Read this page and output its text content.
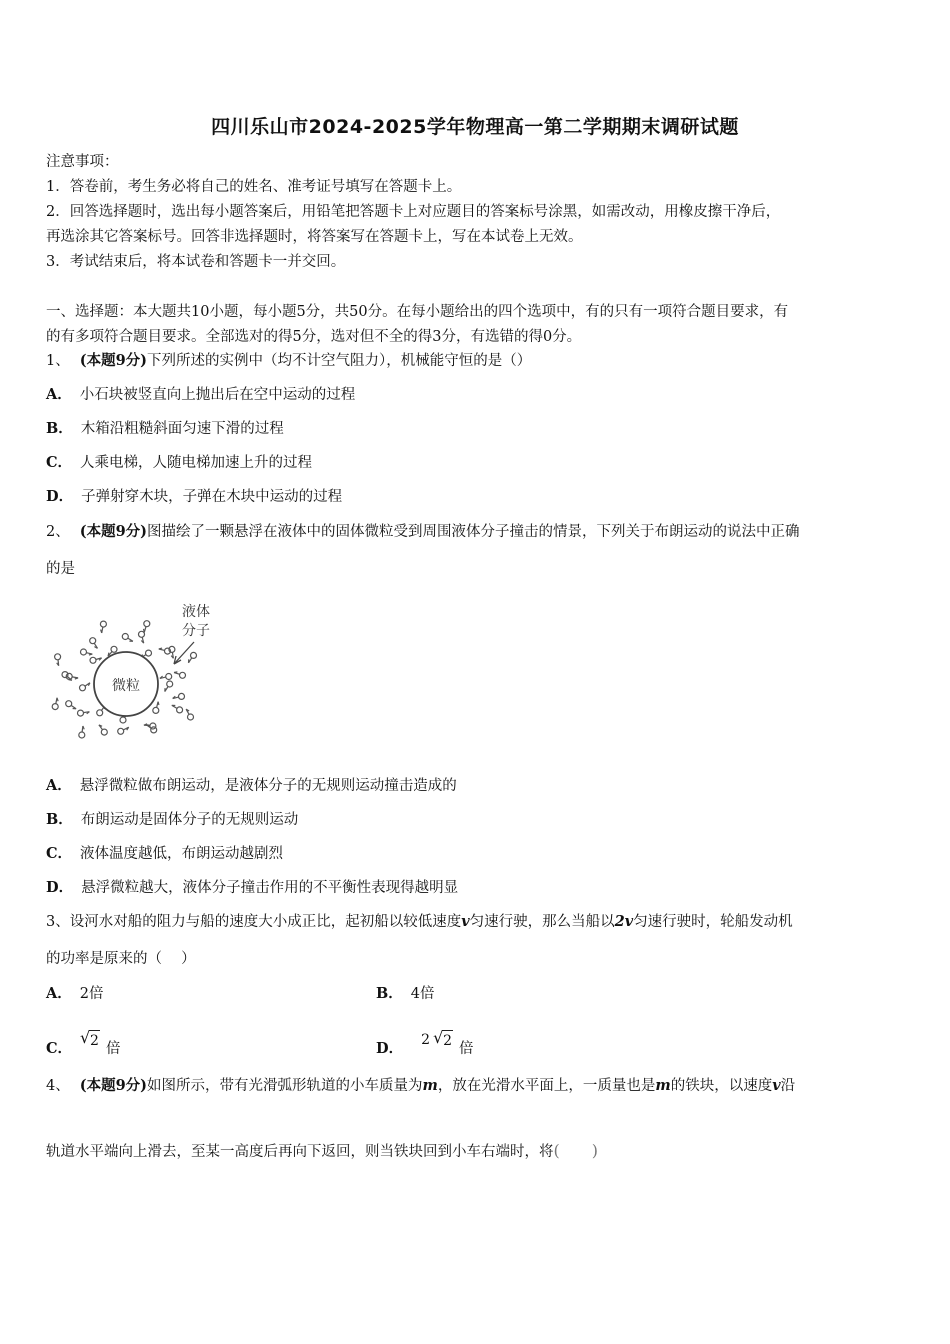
四川乐山市2024-2025学年物理高一第二学期期末调研试题
注意事项：
1．答卷前，考生务必将自己的姓名、准考证号填写在答题卡上。
2．回答选择题时，选出每小题答案后，用铅笔把答题卡上对应题目的答案标号涂黑，如需改动，用橡皮擦干净后，
再选涂其它答案标号。回答非选择题时，将答案写在答题卡上，写在本试卷上无效。
3．考试结束后，将本试卷和答题卡一并交回。
一、选择题：本大题共10小题，每小题5分，共50分。在每小题给出的四个选项中，有的只有一项符合题目要求，有
的有多项符合题目要求。全部选对的得5分，选对但不全的得3分，有选错的得0分。
1、 (本题9分)下列所述的实例中（均不计空气阻力），机械能守恒的是（）
A． 小石块被竖直向上抛出后在空中运动的过程
B． 木箱沿粗糙斜面匀速下滑的过程
C． 人乘电梯，人随电梯加速上升的过程
D． 子弹射穿木块，子弹在木块中运动的过程
2、 (本题9分)图描绘了一颗悬浮在液体中的固体微粒受到周围液体分子撞击的情景，下列关于布朗运动的说法中正确
的是
微粒
液体
分子
A． 悬浮微粒做布朗运动，是液体分子的无规则运动撞击造成的
B． 布朗运动是固体分子的无规则运动
C． 液体温度越低，布朗运动越剧烈
D． 悬浮微粒越大，液体分子撞击作用的不平衡性表现得越明显
3、设河水对船的阻力与船的速度大小成正比，起初船以较低速度v匀速行驶，那么当船以2v匀速行驶时，轮船发动机
的功率是原来的（　 ）
A． 2倍	B． 4倍
C．
√ 2 倍	D． 2 √ 2 倍
4、 (本题9分)如图所示，带有光滑弧形轨道的小车质量为m，放在光滑水平面上，一质量也是m的铁块，以速度v沿
轨道水平端向上滑去，至某一高度后再向下返回，则当铁块回到小车右端时，将(　　)
